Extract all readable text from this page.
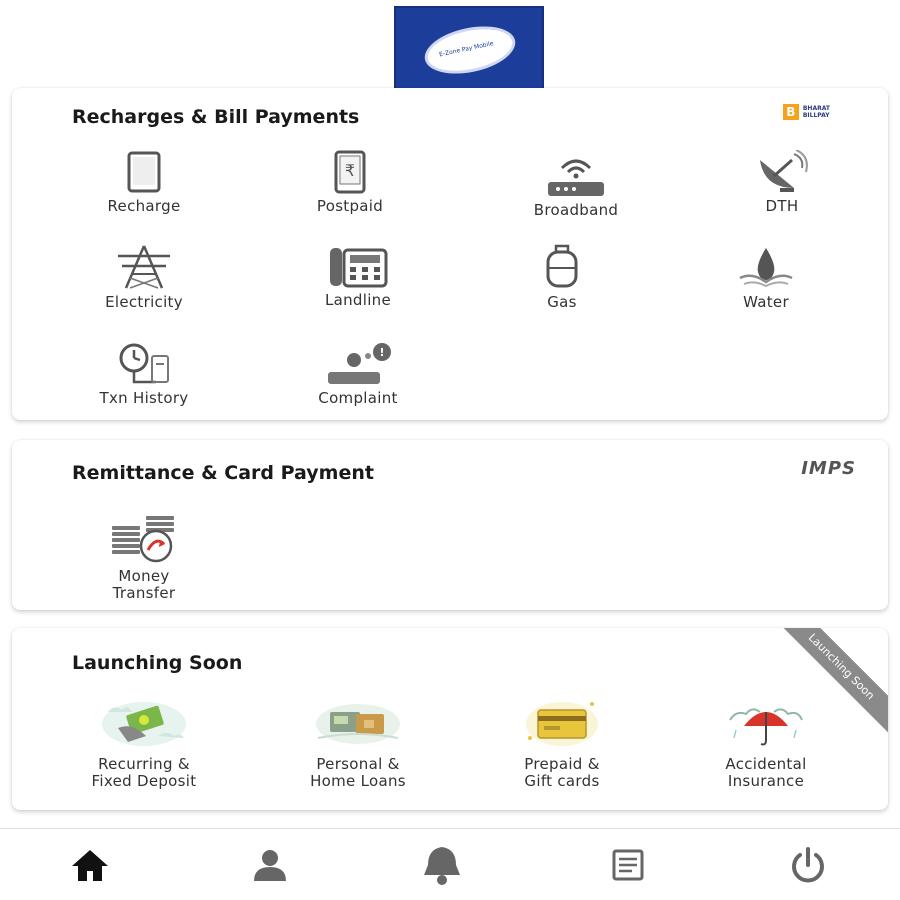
E-Zone Pay Mobile
Recharges & Bill Payments	B	BHARAT
BILLPAY
Recharge
₹
Postpaid	Broadband	DTH
Electricity	Landline	Gas	Water
Txn History
!
Complaint
Remittance & Card Payment	IMPS
Money
Transfer
Launching Soon	Launching Soon
Recurring &
Fixed Deposit
Personal &
Home Loans
Prepaid &
Gift cards
Accidental
Insurance
